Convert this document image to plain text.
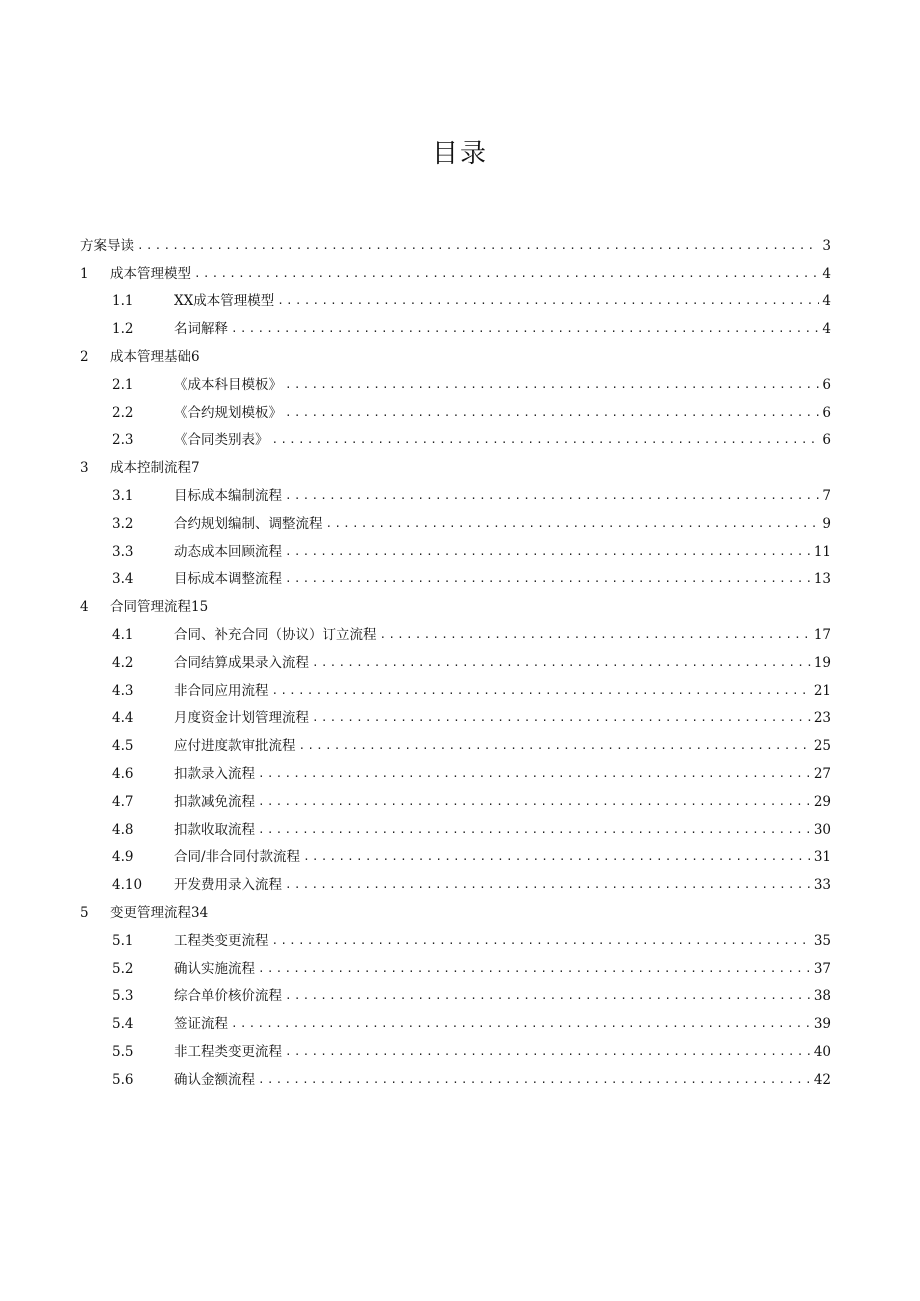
目录
方案导读 .....	3
1	成本管理模型 .....	4
1.1	XX成本管理模型 .....	4
1.2	名词解释 .....	4
2	成本管理基础6
2.1	《成本科目模板》 .....	6
2.2	《合约规划模板》 .....	6
2.3	《合同类别表》 .....	6
3	成本控制流程7
3.1	目标成本编制流程 .....	7
3.2	合约规划编制、调整流程 .....	9
3.3	动态成本回顾流程 .....	11
3.4	目标成本调整流程 .....	13
4	合同管理流程15
4.1	合同、补充合同（协议）订立流程 .....	17
4.2	合同结算成果录入流程 .....	19
4.3	非合同应用流程 .....	21
4.4	月度资金计划管理流程 .....	23
4.5	应付进度款审批流程 .....	25
4.6	扣款录入流程 .....	27
4.7	扣款减免流程 .....	29
4.8	扣款收取流程 .....	30
4.9	合同/非合同付款流程 .....	31
4.10	开发费用录入流程 .....	33
5	变更管理流程34
5.1	工程类变更流程 .....	35
5.2	确认实施流程 .....	37
5.3	综合单价核价流程 .....	38
5.4	签证流程 .....	39
5.5	非工程类变更流程 .....	40
5.6	确认金额流程 .....	42
